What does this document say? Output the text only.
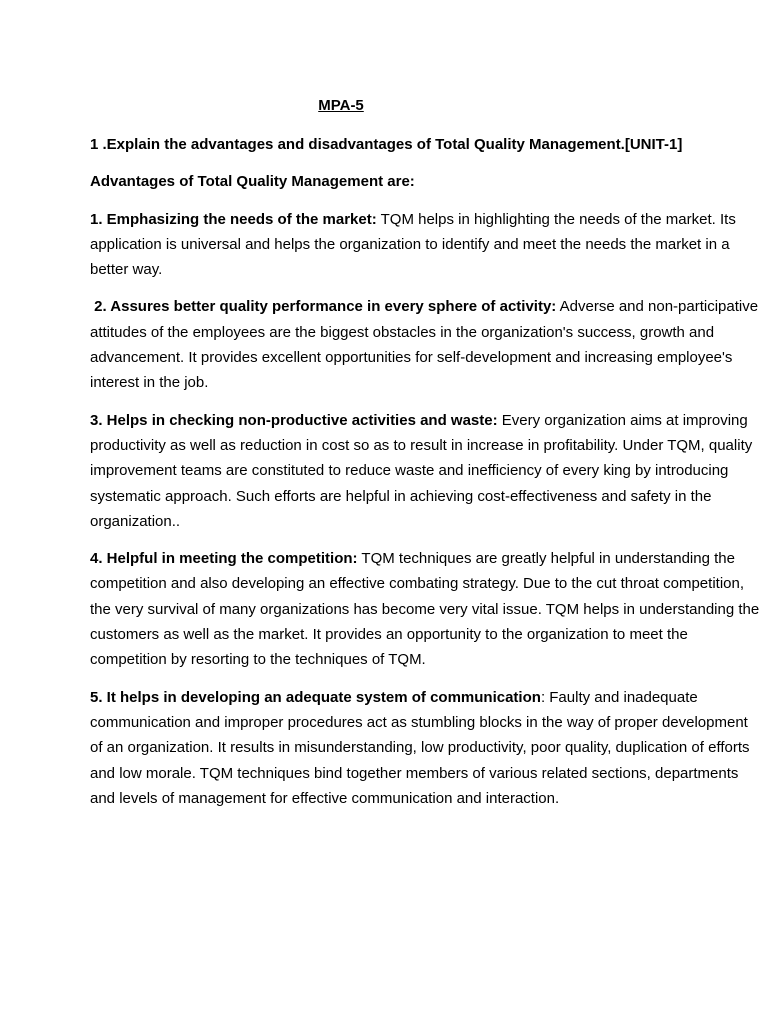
MPA-5

1 .Explain the advantages and disadvantages of Total Quality Management.[UNIT-1]

Advantages of Total Quality Management are:

1. Emphasizing the needs of the market: TQM helps in highlighting the needs of the market. Its application is universal and helps the organization to identify and meet the needs the market in a better way.

2. Assures better quality performance in every sphere of activity: Adverse and non-participative attitudes of the employees are the biggest obstacles in the organization's success, growth and advancement. It provides excellent opportunities for self-development and increasing employee's interest in the job.

3. Helps in checking non-productive activities and waste: Every organization aims at improving productivity as well as reduction in cost so as to result in increase in profitability. Under TQM, quality improvement teams are constituted to reduce waste and inefficiency of every king by introducing systematic approach. Such efforts are helpful in achieving cost-effectiveness and safety in the organization..

4. Helpful in meeting the competition: TQM techniques are greatly helpful in understanding the competition and also developing an effective combating strategy. Due to the cut throat competition, the very survival of many organizations has become very vital issue. TQM helps in understanding the customers as well as the market. It provides an opportunity to the organization to meet the competition by resorting to the techniques of TQM.

5. It helps in developing an adequate system of communication: Faulty and inadequate communication and improper procedures act as stumbling blocks in the way of proper development of an organization. It results in misunderstanding, low productivity, poor quality, duplication of efforts and low morale. TQM techniques bind together members of various related sections, departments and levels of management for effective communication and interaction.
